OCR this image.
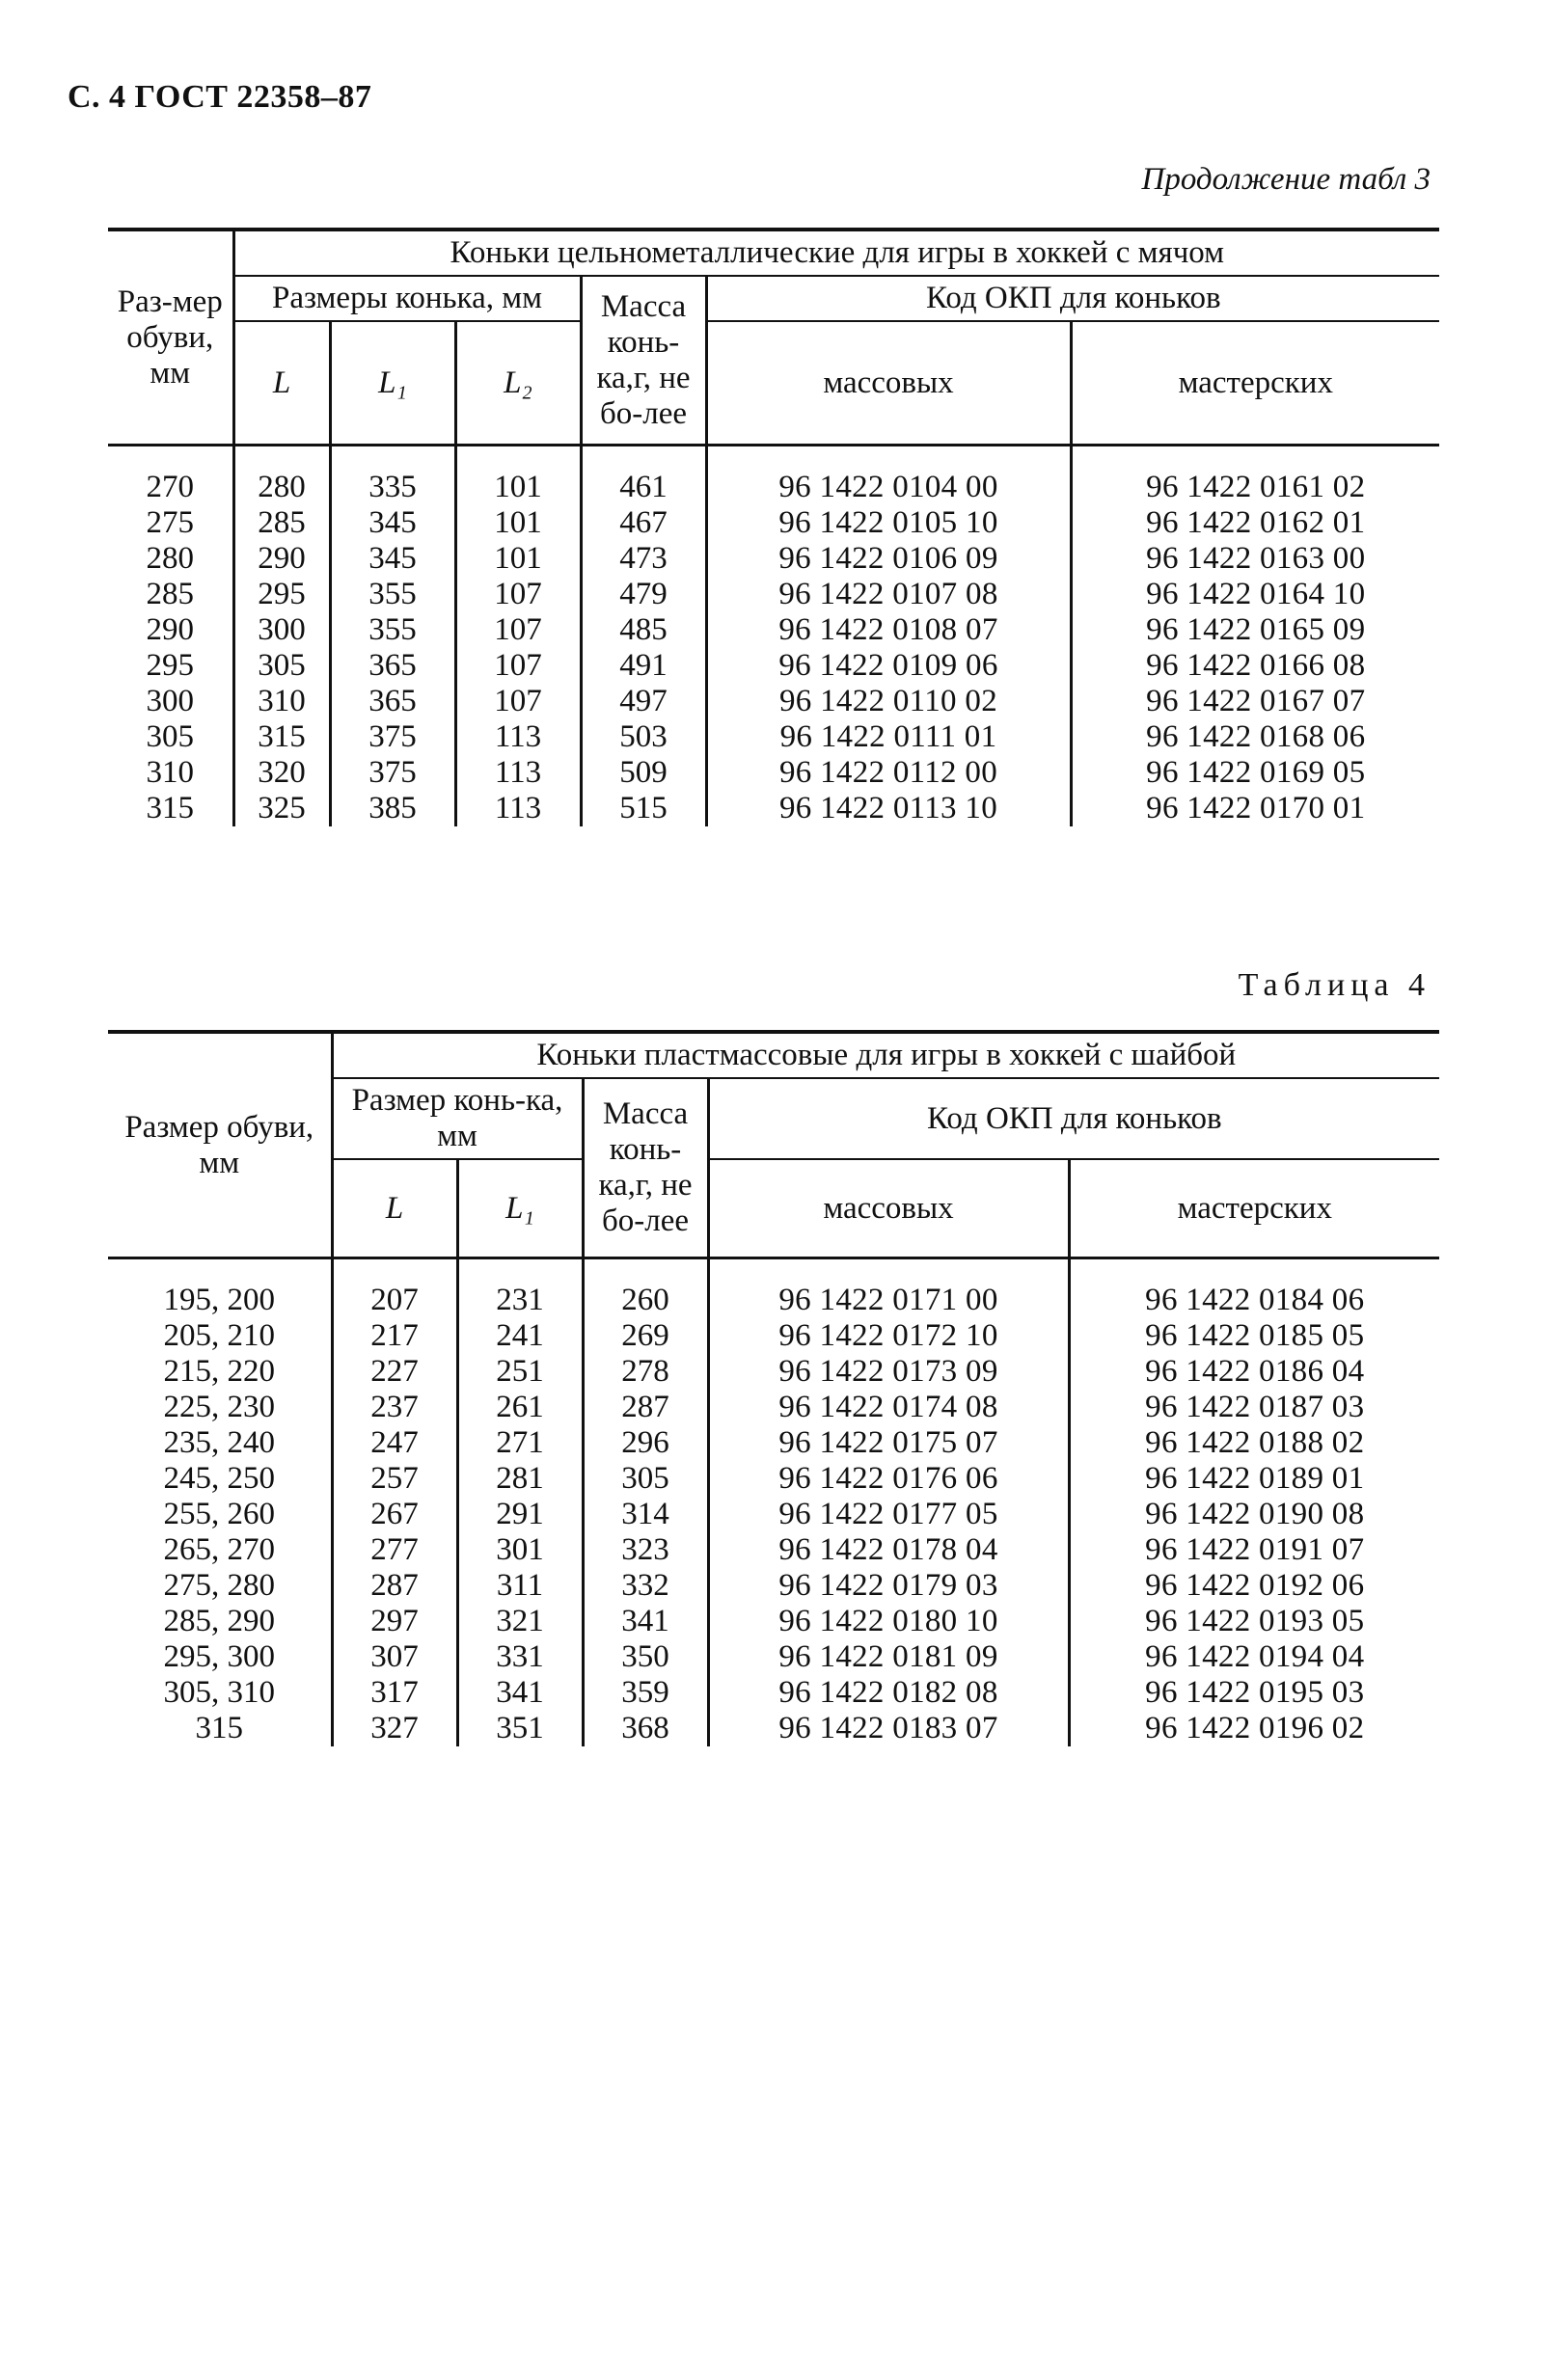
С. 4 ГОСТ 22358–87
Продолжение табл 3
Раз-мер обуви, мм	Коньки цельнометаллические для игры в хоккей с мячом					
	Размеры конька, мм			Масса конь-ка,г, не бо-лее	Код ОКП для коньков	
	L	L₁	L₂		массовых	мастерских

270	280	335	101	461	96 1422 0104 00	96 1422 0161 02
275	285	345	101	467	96 1422 0105 10	96 1422 0162 01
280	290	345	101	473	96 1422 0106 09	96 1422 0163 00
285	295	355	107	479	96 1422 0107 08	96 1422 0164 10
290	300	355	107	485	96 1422 0108 07	96 1422 0165 09
295	305	365	107	491	96 1422 0109 06	96 1422 0166 08
300	310	365	107	497	96 1422 0110 02	96 1422 0167 07
305	315	375	113	503	96 1422 0111 01	96 1422 0168 06
310	320	375	113	509	96 1422 0112 00	96 1422 0169 05
315	325	385	113	515	96 1422 0113 10	96 1422 0170 01
Таблица 4
Размер обуви, мм	Коньки пластмассовые для игры в хоккей с шайбой				
	Размер конь-ка, мм		Масса конь-ка,г, не бо-лее	Код ОКП для коньков	
	L	L₁		массовых	мастерских

195, 200	207	231	260	96 1422 0171 00	96 1422 0184 06
205, 210	217	241	269	96 1422 0172 10	96 1422 0185 05
215, 220	227	251	278	96 1422 0173 09	96 1422 0186 04
225, 230	237	261	287	96 1422 0174 08	96 1422 0187 03
235, 240	247	271	296	96 1422 0175 07	96 1422 0188 02
245, 250	257	281	305	96 1422 0176 06	96 1422 0189 01
255, 260	267	291	314	96 1422 0177 05	96 1422 0190 08
265, 270	277	301	323	96 1422 0178 04	96 1422 0191 07
275, 280	287	311	332	96 1422 0179 03	96 1422 0192 06
285, 290	297	321	341	96 1422 0180 10	96 1422 0193 05
295, 300	307	331	350	96 1422 0181 09	96 1422 0194 04
305, 310	317	341	359	96 1422 0182 08	96 1422 0195 03
315	327	351	368	96 1422 0183 07	96 1422 0196 02
